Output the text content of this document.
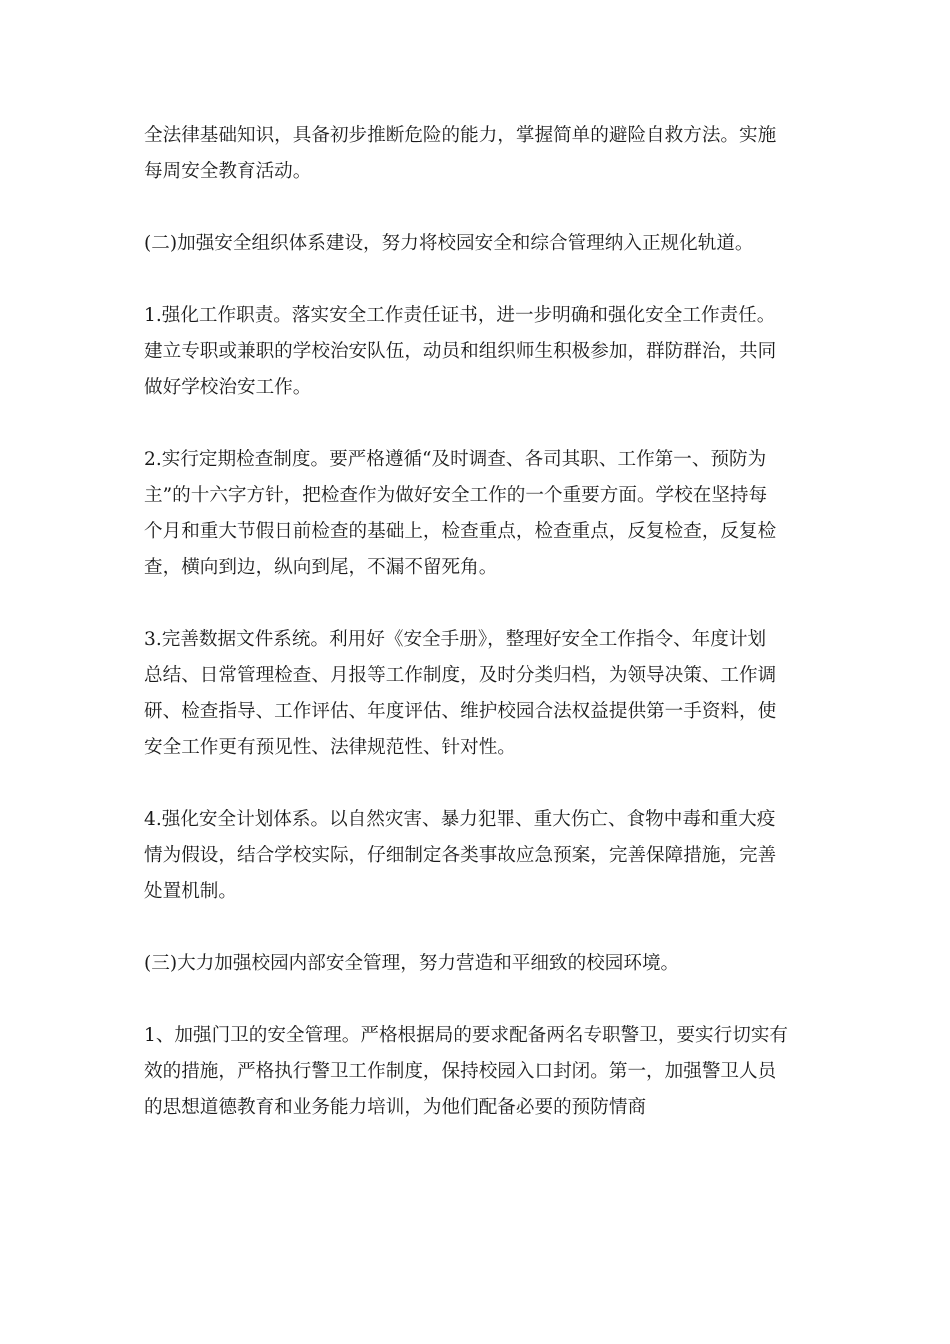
全法律基础知识，具备初步推断危险的能力，掌握简单的避险自救方法。实施
每周安全教育活动。

(二)加强安全组织体系建设，努力将校园安全和综合管理纳入正规化轨道。

1.强化工作职责。落实安全工作责任证书，进一步明确和强化安全工作责任。
建立专职或兼职的学校治安队伍，动员和组织师生积极参加，群防群治，共同
做好学校治安工作。

2.实行定期检查制度。要严格遵循“及时调查、各司其职、工作第一、预防为
主”的十六字方针，把检查作为做好安全工作的一个重要方面。学校在坚持每
个月和重大节假日前检查的基础上，检查重点，检查重点，反复检查，反复检
查，横向到边，纵向到尾，不漏不留死角。

3.完善数据文件系统。利用好《安全手册》，整理好安全工作指令、年度计划
总结、日常管理检查、月报等工作制度，及时分类归档，为领导决策、工作调
研、检查指导、工作评估、年度评估、维护校园合法权益提供第一手资料，使
安全工作更有预见性、法律规范性、针对性。

4.强化安全计划体系。以自然灾害、暴力犯罪、重大伤亡、食物中毒和重大疫
情为假设，结合学校实际，仔细制定各类事故应急预案，完善保障措施，完善
处置机制。

(三)大力加强校园内部安全管理，努力营造和平细致的校园环境。

1、加强门卫的安全管理。严格根据局的要求配备两名专职警卫，要实行切实有
效的措施，严格执行警卫工作制度，保持校园入口封闭。第一，加强警卫人员
的思想道德教育和业务能力培训，为他们配备必要的预防情商
